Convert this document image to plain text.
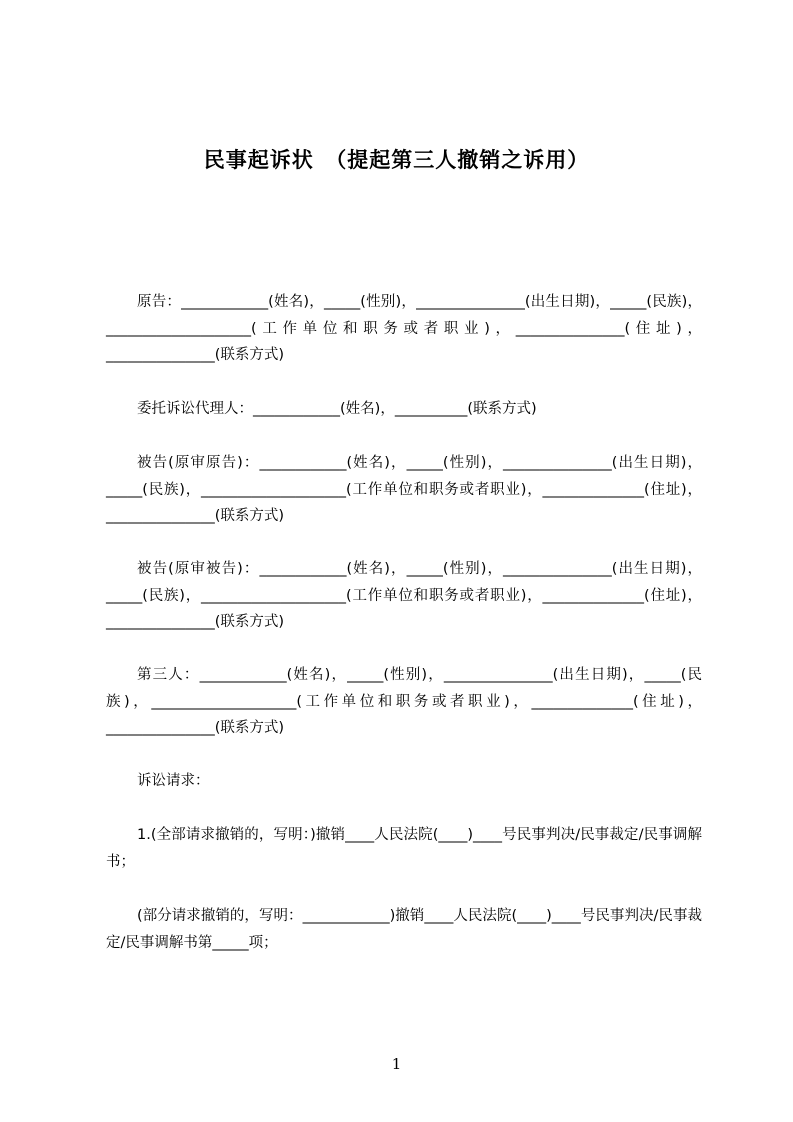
民事起诉状　（提起第三人撤销之诉用）
原告：____________(姓名)，_____(性别)，_______________(出生日期)，_____(民族)，____________________(工作单位和职务或者职业)，_______________(住址)，_______________(联系方式)
委托诉讼代理人：____________(姓名)，__________(联系方式)
被告(原审原告)：____________(姓名)，_____(性别)，_______________(出生日期)，_____(民族)，____________________(工作单位和职务或者职业)，______________(住址)，_______________(联系方式)
被告(原审被告)：____________(姓名)，_____(性别)，_______________(出生日期)，_____(民族)，____________________(工作单位和职务或者职业)，______________(住址)，_______________(联系方式)
第三人：____________(姓名)，_____(性别)，_______________(出生日期)，_____(民族)，____________________(工作单位和职务或者职业)，______________(住址)，_______________(联系方式)
诉讼请求：
1.(全部请求撤销的，写明：)撤销____人民法院(____)____号民事判决/民事裁定/民事调解书；
(部分请求撤销的，写明：____________)撤销____人民法院(____)____号民事判决/民事裁定/民事调解书第_____项；
1
